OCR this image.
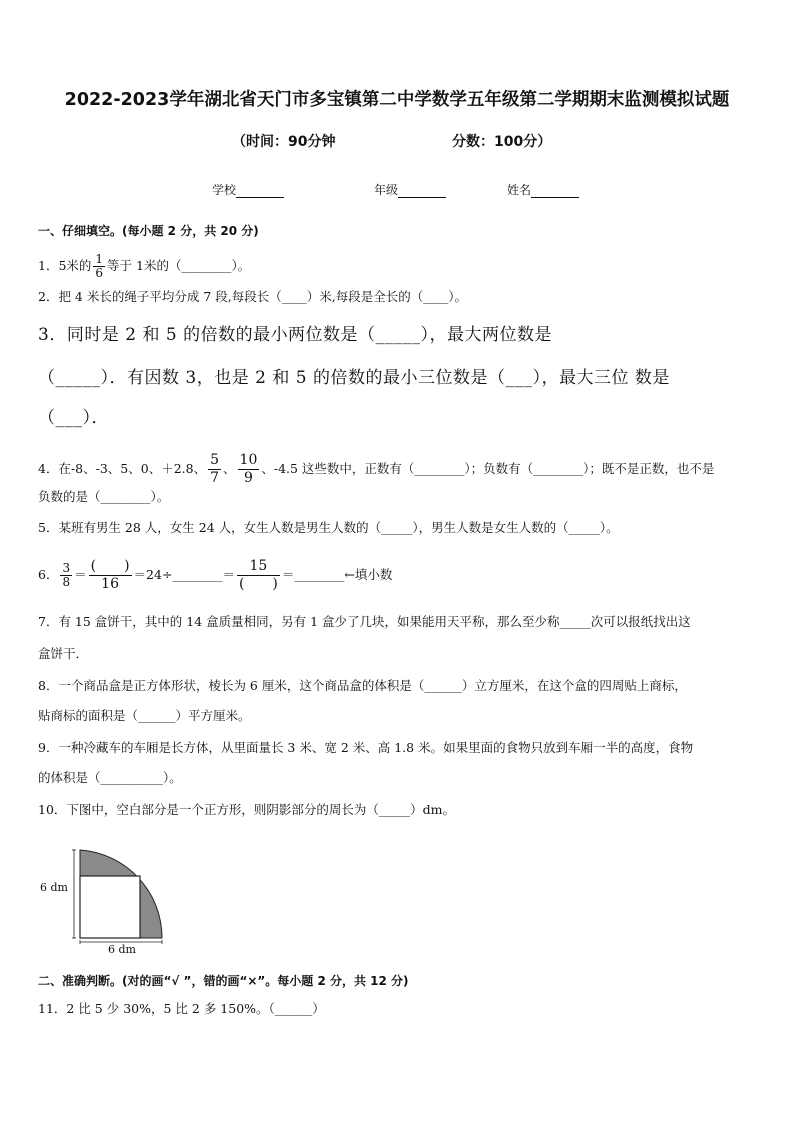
2022-2023学年湖北省天门市多宝镇第二中学数学五年级第二学期期末监测模拟试题
（时间：90分钟	分数：100分）
学校	年级	姓名
一、仔细填空。(每小题 2 分，共 20 分)
1．5米的 $\frac{1}{6}$ 等于 1米的（________）。
2．把 4 米长的绳子平均分成 7 段,每段长（____）米,每段是全长的（____）。
3．同时是 2 和 5 的倍数的最小两位数是（_____），最大两位数是
（_____）．有因数 3，也是 2 和 5 的倍数的最小三位数是（___），最大三位 数是
（___）．
4．在-8、-3、5、0、＋2.8、 $\frac{5}{7}$ 、 $\frac{10}{9}$ 、-4.5 这些数中，正数有（________）；负数有（________）；既不是正数，也不是
负数的是（________）。
5．某班有男生 28 人，女生 24 人，女生人数是男生人数的（_____），男生人数是女生人数的（_____）。
6． $\frac{3}{8} = \frac{( )}{16}$ ＝24÷________＝ $\frac{15}{( )}$ ＝________←填小数
7．有 15 盒饼干，其中的 14 盒质量相同，另有 1 盒少了几块，如果能用天平称，那么至少称_____次可以报纸找出这
盒饼干．
8．一个商品盒是正方体形状，棱长为 6 厘米，这个商品盒的体积是（______）立方厘米，在这个盒的四周贴上商标，
贴商标的面积是（______）平方厘米。
9．一种冷藏车的车厢是长方体，从里面量长 3 米、宽 2 米、高 1.8 米。如果里面的食物只放到车厢一半的高度，食物
的体积是（__________）。
10．下图中，空白部分是一个正方形，则阴影部分的周长为（_____）dm。
6 dm
6 dm
二、准确判断。(对的画“√ ”，错的画“×”。每小题 2 分，共 12 分)
11．2 比 5 少 30%，5 比 2 多 150%。（______）
